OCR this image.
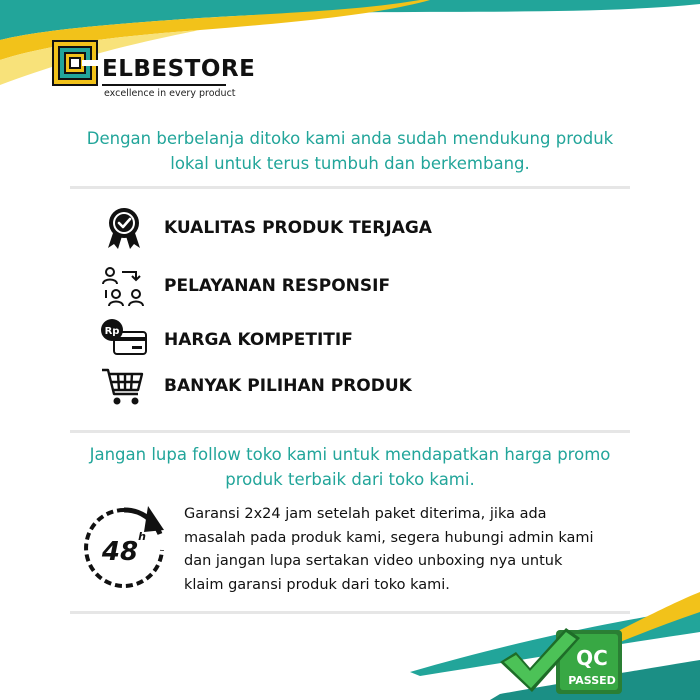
ELBESTORE
excellence in every product
Dengan berbelanja ditoko kami anda sudah mendukung produk lokal untuk terus tumbuh dan berkembang.
KUALITAS PRODUK TERJAGA
PELAYANAN RESPONSIF
Rp	HARGA KOMPETITIF
BANYAK PILIHAN PRODUK
Jangan lupa follow toko kami untuk mendapatkan harga promo produk terbaik dari toko kami.
48
h
Garansi 2x24 jam setelah paket diterima, jika ada masalah pada produk kami, segera hubungi admin kami dan jangan lupa sertakan video unboxing nya untuk klaim garansi produk dari toko kami.
QC
PASSED
